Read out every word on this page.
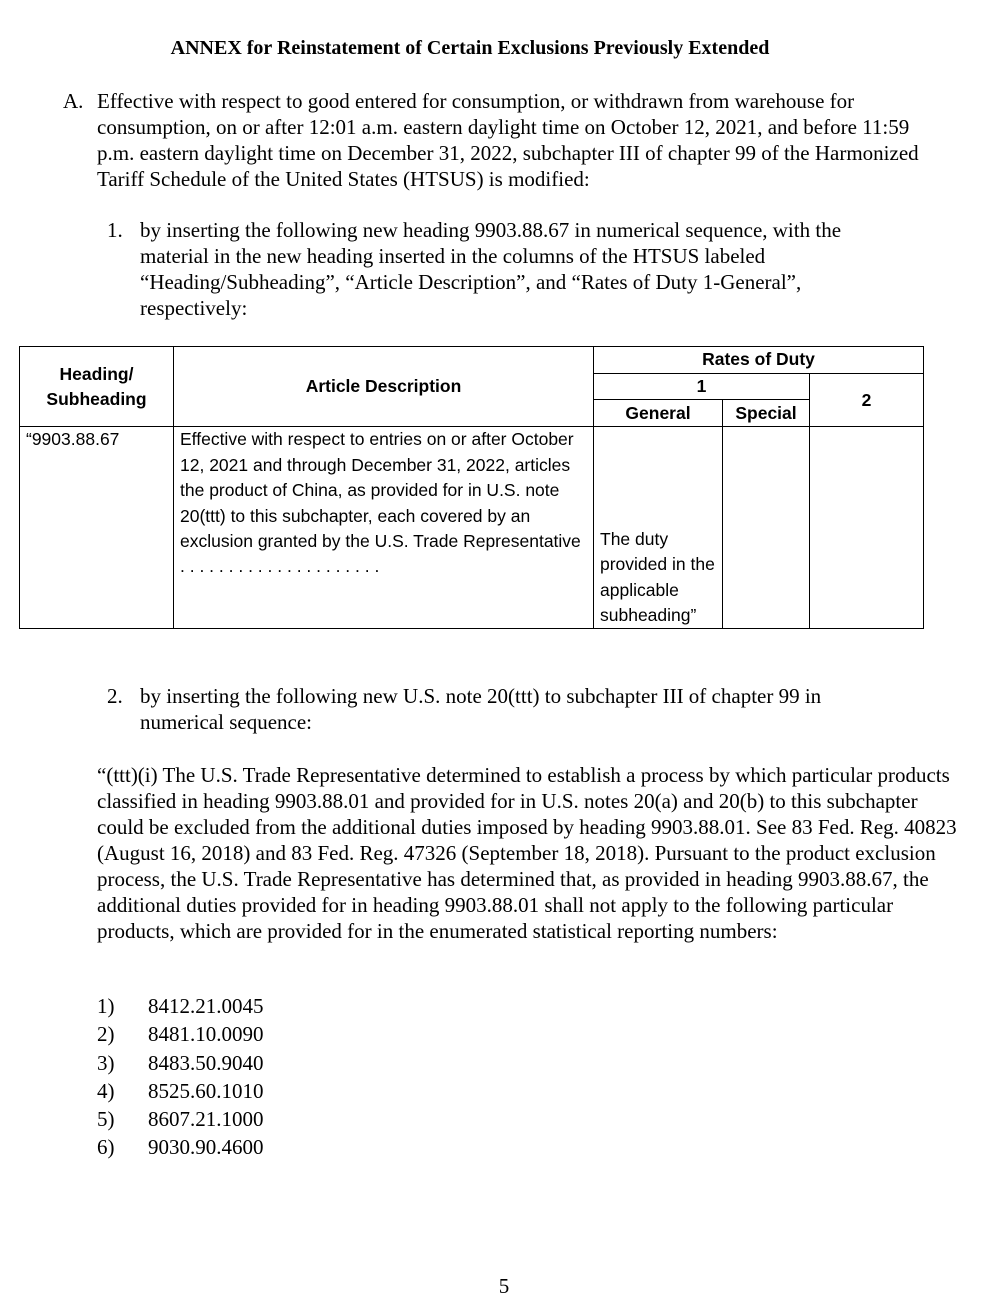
ANNEX for Reinstatement of Certain Exclusions Previously Extended
A. Effective with respect to good entered for consumption, or withdrawn from warehouse for consumption, on or after 12:01 a.m. eastern daylight time on October 12, 2021, and before 11:59 p.m. eastern daylight time on December 31, 2022, subchapter III of chapter 99 of the Harmonized Tariff Schedule of the United States (HTSUS) is modified:
1. by inserting the following new heading 9903.88.67 in numerical sequence, with the material in the new heading inserted in the columns of the HTSUS labeled “Heading/Subheading”, “Article Description”, and “Rates of Duty 1-General”, respectively:
Heading/
Subheading	Article Description	Rates of Duty		
		1		2
		General	Special	
“9903.88.67	Effective with respect to entries on or after October 12, 2021 and through December 31, 2022, articles the product of China, as provided for in U.S. note 20(ttt) to this subchapter, each covered by an exclusion granted by the U.S. Trade Representative . . . . . . . . . . . . . . . . . . . . .	The duty provided in the applicable subheading”		
2. by inserting the following new U.S. note 20(ttt) to subchapter III of chapter 99 in numerical sequence:
“(ttt)(i) The U.S. Trade Representative determined to establish a process by which particular products classified in heading 9903.88.01 and provided for in U.S. notes 20(a) and 20(b) to this subchapter could be excluded from the additional duties imposed by heading 9903.88.01. See 83 Fed. Reg. 40823 (August 16, 2018) and 83 Fed. Reg. 47326 (September 18, 2018). Pursuant to the product exclusion process, the U.S. Trade Representative has determined that, as provided in heading 9903.88.67, the additional duties provided for in heading 9903.88.01 shall not apply to the following particular products, which are provided for in the enumerated statistical reporting numbers:
1) 8412.21.0045
2) 8481.10.0090
3) 8483.50.9040
4) 8525.60.1010
5) 8607.21.1000
6) 9030.90.4600
5
